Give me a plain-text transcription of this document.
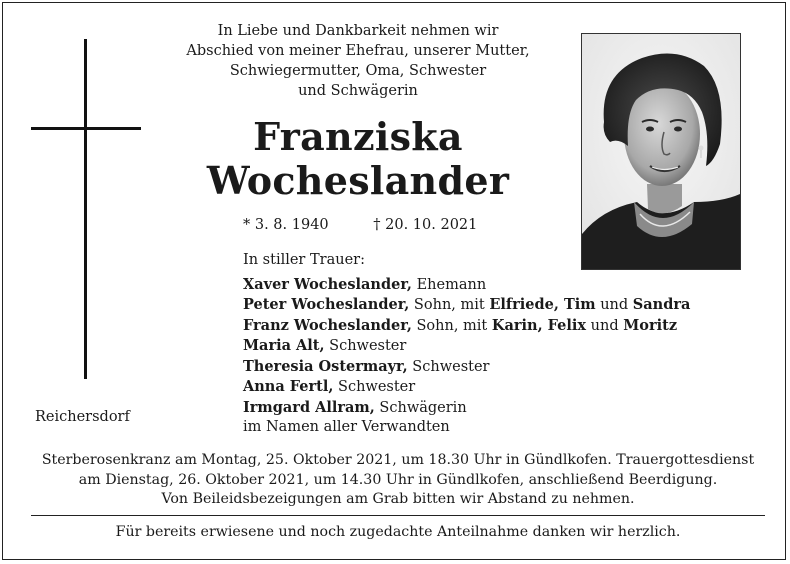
In Liebe und Dankbarkeit nehmen wir
Abschied von meiner Ehefrau, unserer Mutter,
Schwiegermutter, Oma, Schwester
und Schwägerin
Franziska
Wocheslander
* 3. 8. 1940	† 20. 10. 2021
In stiller Trauer:
Xaver Wocheslander, Ehemann
Peter Wocheslander, Sohn, mit Elfriede, Tim und Sandra
Franz Wocheslander, Sohn, mit Karin, Felix und Moritz
Maria Alt, Schwester
Theresia Ostermayr, Schwester
Anna Fertl, Schwester
Irmgard Allram, Schwägerin
im Namen aller Verwandten
Reichersdorf
Sterberosenkranz am Montag, 25. Oktober 2021, um 18.30 Uhr in Gündlkofen. Trauergottesdienst
am Dienstag, 26. Oktober 2021, um 14.30 Uhr in Gündlkofen, anschließend Beerdigung.
Von Beileidsbezeigungen am Grab bitten wir Abstand zu nehmen.
Für bereits erwiesene und noch zugedachte Anteilnahme danken wir herzlich.
